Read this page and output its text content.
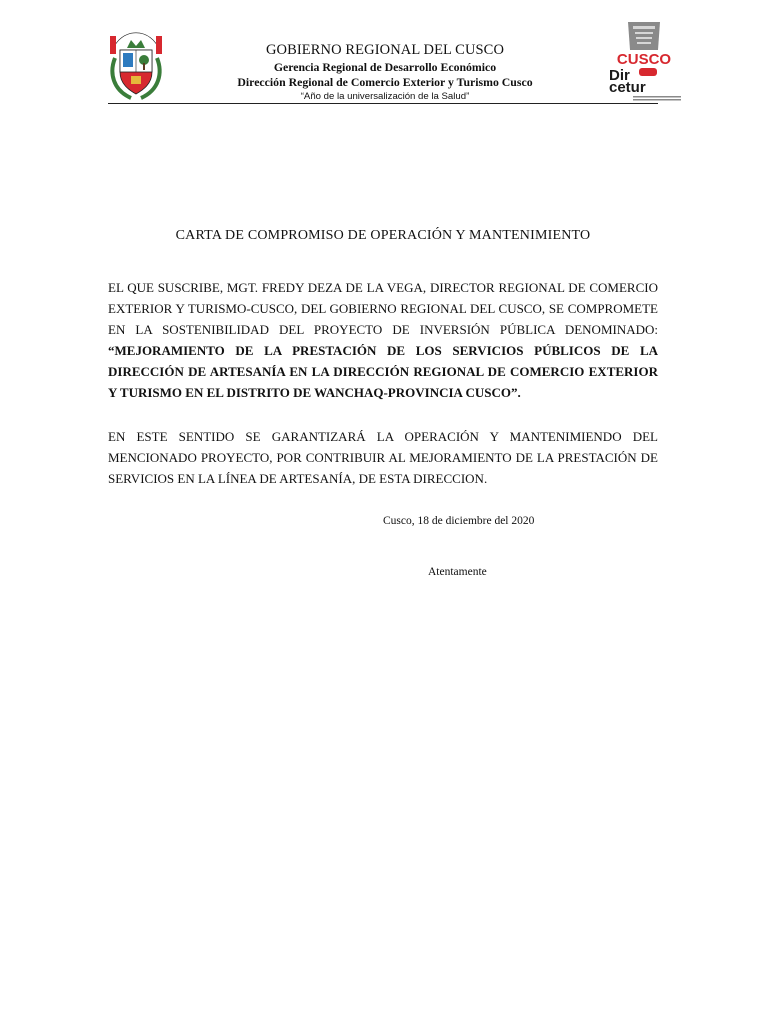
GOBIERNO REGIONAL DEL CUSCO
Gerencia Regional de Desarrollo Económico
Dirección Regional de Comercio Exterior y Turismo Cusco
“Año de la universalización de la Salud”
CUSCO
Dir
cetur
CARTA DE COMPROMISO DE OPERACIÓN Y MANTENIMIENTO
EL QUE SUSCRIBE, MGT. FREDY DEZA DE LA VEGA, DIRECTOR REGIONAL DE COMERCIO EXTERIOR Y TURISMO-CUSCO, DEL GOBIERNO REGIONAL DEL CUSCO, SE COMPROMETE EN LA SOSTENIBILIDAD DEL PROYECTO DE INVERSIÓN PÚBLICA DENOMINADO: “MEJORAMIENTO DE LA PRESTACIÓN DE LOS SERVICIOS PÚBLICOS DE LA DIRECCIÓN DE ARTESANÍA EN LA DIRECCIÓN REGIONAL DE COMERCIO EXTERIOR Y TURISMO EN EL DISTRITO DE WANCHAQ-PROVINCIA CUSCO”.
EN ESTE SENTIDO SE GARANTIZARÁ LA OPERACIÓN Y MANTENIMIENDO DEL MENCIONADO PROYECTO, POR CONTRIBUIR AL MEJORAMIENTO DE LA PRESTACIÓN DE SERVICIOS EN LA LÍNEA DE ARTESANÍA, DE ESTA DIRECCION.
Cusco, 18 de diciembre del 2020
Atentamente
